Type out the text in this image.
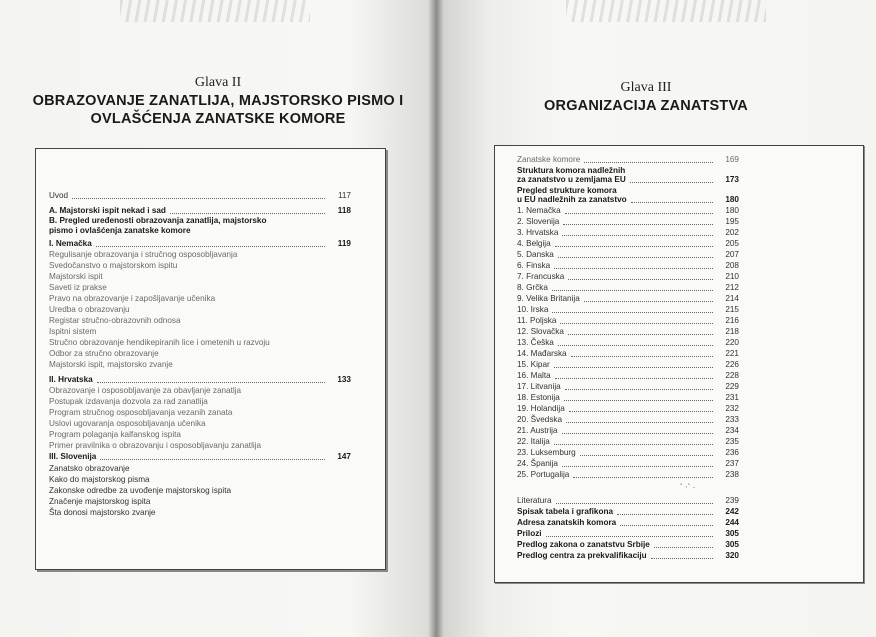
Glava II
OBRAZOVANJE ZANATLIJA, MAJSTORSKO PISMO I
OVLAŠĆENJA ZANATSKE KOMORE
Uvod	117
A. Majstorski ispit nekad i sad	118
B. Pregled uređenosti obrazovanja zanatlija, majstorsko
pismo i ovlašćenja zanatske komore
I. Nemačka	119
Regulisanje obrazovanja i stručnog osposobljavanja
Svedočanstvo o majstorskom ispitu
Majstorski ispit
Saveti iz prakse
Pravo na obrazovanje i zapošljavanje učenika
Uredba o obrazovanju
Registar stručno-obrazovnih odnosa
Ispitni sistem
Stručno obrazovanje hendikepiranih lice i ometenih u razvoju
Odbor za stručno obrazovanje
Majstorski ispit, majstorsko zvanje
II. Hrvatska	133
Obrazovanje i osposobljavanje za obavljanje zanatlja
Postupak izdavanja dozvola za rad zanatlija
Program stručnog osposobljavanja vezanih zanata
Uslovi ugovaranja osposobljavanja učenika
Program polaganja kalfanskog ispita
Primer pravilnika o obrazovanju i osposobljavanju zanatlija
III. Slovenija	147
Zanatsko obrazovanje
Kako do majstorskog pisma
Zakonske odredbe za uvođenje majstorskog ispita
Značenje majstorskog ispita
Šta donosi majstorsko zvanje
Glava III
ORGANIZACIJA ZANATSTVA
Zanatske komore	169
Struktura komora nadležnih
za zanatstvo u zemljama EU	173
Pregled strukture komora
u EU nadležnih za zanatstvo	180
1. Nemačka	180
2. Slovenija	195
3. Hrvatska	202
4. Belgija	205
5. Danska	207
6. Finska	208
7. Francuska	210
8. Grčka	212
9. Velika Britanija	214
10. Irska	215
11. Poljska	216
12. Slovačka	218
13. Češka	220
14. Mađarska	221
15. Kipar	226
16. Malta	228
17. Litvanija	229
18. Estonija	231
19. Holandija	232
20. Švedska	233
21. Austrija	234
22. Italija	235
23. Luksemburg	236
24. Španija	237
25. Portugalija	238
Literatura	239
Spisak tabela i grafikona	242
Adresa zanatskih komora	244
Prilozi	305
Predlog zakona o zanatstvu Srbije	305
Predlog centra za prekvalifikaciju	320
ﾟ·ﾟ·
